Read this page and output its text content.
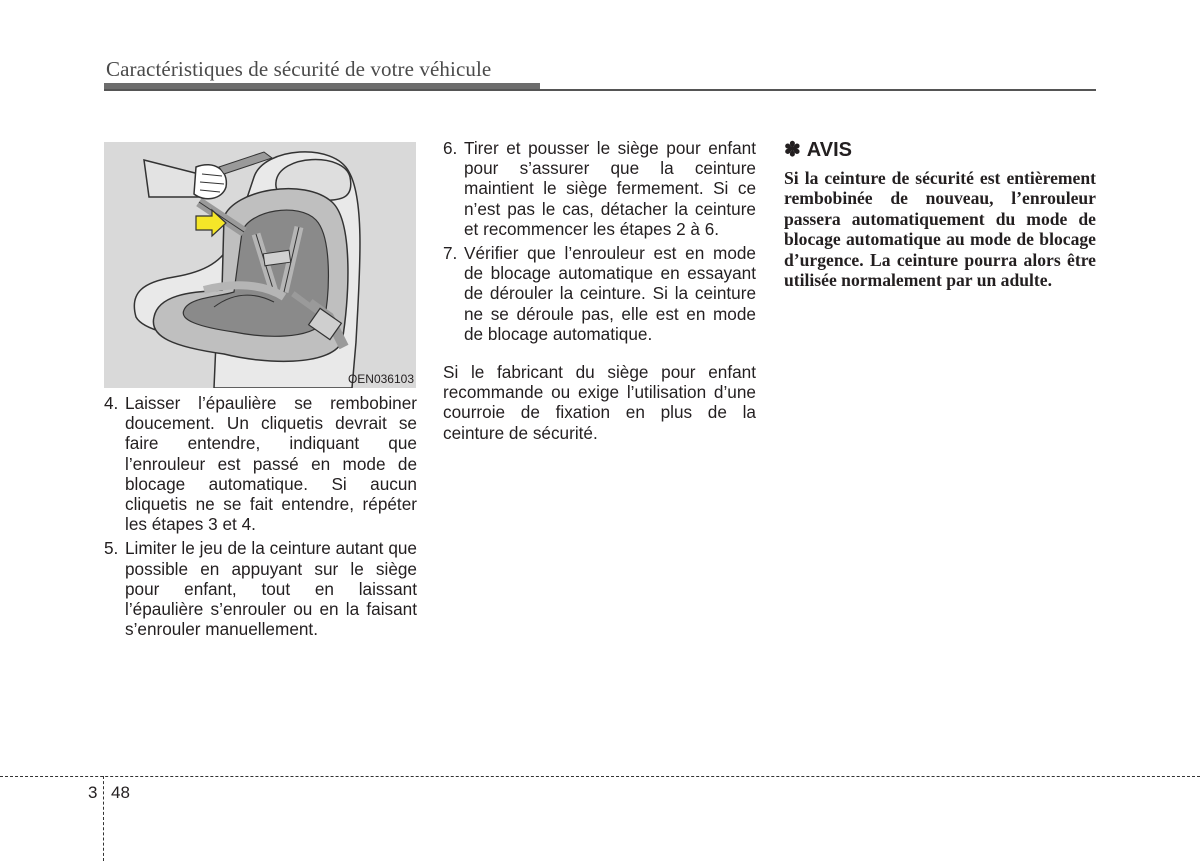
Caractéristiques de sécurité de votre véhicule
OEN036103
4. Laisser l’épaulière se rembobiner doucement. Un cliquetis devrait se faire entendre, indiquant que l’enrouleur est passé en mode de blocage automatique. Si aucun cliquetis ne se fait entendre, répéter les étapes 3 et 4.
5. Limiter le jeu de la ceinture autant que possible en appuyant sur le siège pour enfant, tout en laissant l’épaulière s’enrouler ou en la faisant s’enrouler manuellement.
6. Tirer et pousser le siège pour enfant pour s’assurer que la ceinture maintient le siège fermement. Si ce n’est pas le cas, détacher la ceinture et recommencer les étapes 2 à 6.
7. Vérifier que l’enrouleur est en mode de blocage automatique en essayant de dérouler la ceinture. Si la ceinture ne se déroule pas, elle est en mode de blocage automatique.
Si le fabricant du siège pour enfant recommande ou exige l’utilisation d’une courroie de fixation en plus de la ceinture de sécurité.
✽ AVIS
Si la ceinture de sécurité est entièrement rembobinée de nouveau, l’enrouleur passera automatiquement du mode de blocage automatique au mode de blocage d’urgence. La ceinture pourra alors être utilisée normalement par un adulte.
3 48
